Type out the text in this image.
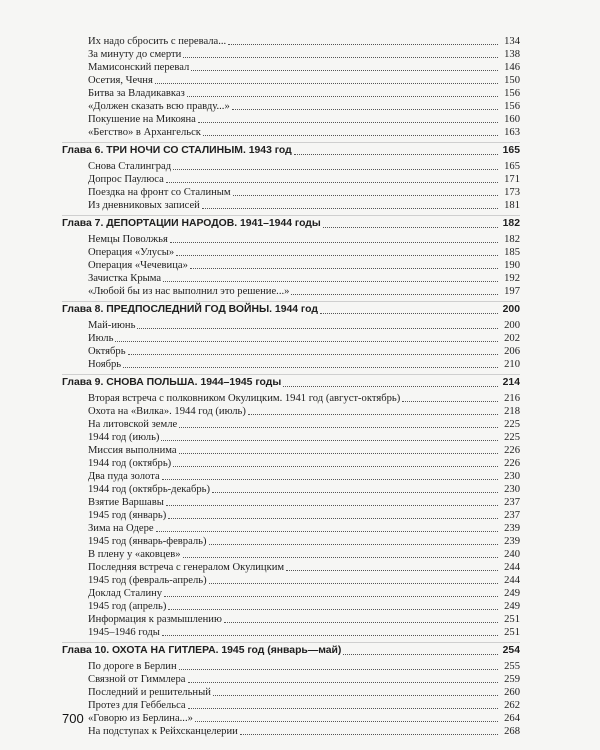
Их надо сбросить с перевала...	134
За минуту до смерти	138
Мамисонский перевал	146
Осетия, Чечня	150
Битва за Владикавказ	156
«Должен сказать всю правду...»	156
Покушение на Микояна	160
«Бегство» в Архангельск	163
Глава 6. ТРИ НОЧИ СО СТАЛИНЫМ. 1943 год	165
Снова Сталинград	165
Допрос Паулюса	171
Поездка на фронт со Сталиным	173
Из дневниковых записей	181
Глава 7. ДЕПОРТАЦИИ НАРОДОВ. 1941–1944 годы	182
Немцы Поволжья	182
Операция «Улусы»	185
Операция «Чечевица»	190
Зачистка Крыма	192
«Любой бы из нас выполнил это решение...»	197
Глава 8. ПРЕДПОСЛЕДНИЙ ГОД ВОЙНЫ. 1944 год	200
Май-июнь	200
Июль	202
Октябрь	206
Ноябрь	210
Глава 9. СНОВА ПОЛЬША. 1944–1945 годы	214
Вторая встреча с полковником Окулицким. 1941 год (август-октябрь)	216
Охота на «Вилка». 1944 год (июль)	218
На литовской земле	225
1944 год (июль)	225
Миссия выполнима	226
1944 год (октябрь)	226
Два пуда золота	230
1944 год (октябрь-декабрь)	230
Взятие Варшавы	237
1945 год (январь)	237
Зима на Одере	239
1945 год (январь-февраль)	239
В плену у «аковцев»	240
Последняя встреча с генералом Окулицким	244
1945 год (февраль-апрель)	244
Доклад Сталину	249
1945 год (апрель)	249
Информация к размышлению	251
1945–1946 годы	251
Глава 10. ОХОТА НА ГИТЛЕРА. 1945 год (январь—май)	254
По дороге в Берлин	255
Связной от Гиммлера	259
Последний и решительный	260
Протез для Геббельса	262
«Говорю из Берлина...»	264
На подступах к Рейхсканцелерии	268
700
